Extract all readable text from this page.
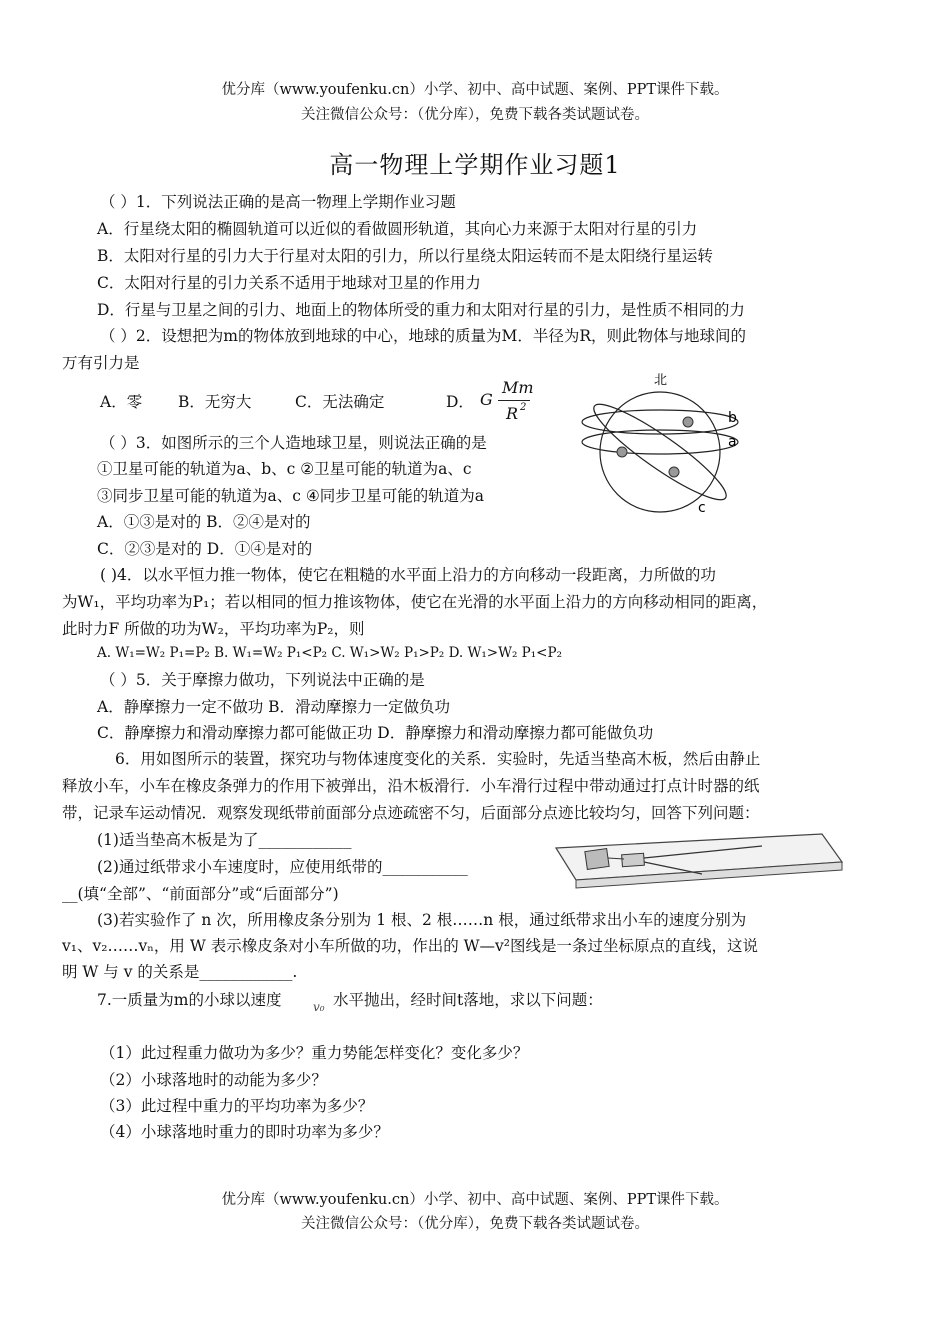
优分库（www.youfenku.cn）小学、初中、高中试题、案例、PPT课件下载。
关注微信公众号：（优分库），免费下载各类试题试卷。
高一物理上学期作业习题1
（ ）1．下列说法正确的是高一物理上学期作业习题
A．行星绕太阳的椭圆轨道可以近似的看做圆形轨道，其向心力来源于太阳对行星的引力
B．太阳对行星的引力大于行星对太阳的引力，所以行星绕太阳运转而不是太阳绕行星运转
C．太阳对行星的引力关系不适用于地球对卫星的作用力
D．行星与卫星之间的引力、地面上的物体所受的重力和太阳对行星的引力，是性质不相同的力
（ ）2．设想把为m的物体放到地球的中心，地球的质量为M．半径为R，则此物体与地球间的
万有引力是
A．零 B．无穷大	C．无法确定	D． G
Mm
R 2
北
b
a
c
（ ）3．如图所示的三个人造地球卫星，则说法正确的是
①卫星可能的轨道为a、b、c ②卫星可能的轨道为a、c
③同步卫星可能的轨道为a、c ④同步卫星可能的轨道为a
A．①③是对的 B．②④是对的
C．②③是对的 D．①④是对的
( )4．以水平恒力推一物体，使它在粗糙的水平面上沿力的方向移动一段距离，力所做的功
为W₁，平均功率为P₁；若以相同的恒力推该物体，使它在光滑的水平面上沿力的方向移动相同的距离，
此时力F 所做的功为W₂，平均功率为P₂，则
A. W₁=W₂ P₁=P₂ B. W₁=W₂ P₁<P₂ C. W₁>W₂ P₁>P₂ D. W₁>W₂ P₁<P₂
（ ）5．关于摩擦力做功，下列说法中正确的是
A．静摩擦力一定不做功 B．滑动摩擦力一定做负功
C．静摩擦力和滑动摩擦力都可能做正功 D．静摩擦力和滑动摩擦力都可能做负功
6．用如图所示的装置，探究功与物体速度变化的关系．实验时，先适当垫高木板，然后由静止
释放小车，小车在橡皮条弹力的作用下被弹出，沿木板滑行．小车滑行过程中带动通过打点计时器的纸
带，记录车运动情况．观察发现纸带前面部分点迹疏密不匀，后面部分点迹比较均匀，回答下列问题：
(1)适当垫高木板是为了____________
(2)通过纸带求小车速度时，应使用纸带的___________
__(填“全部”、“前面部分”或“后面部分”)
(3)若实验作了 n 次，所用橡皮条分别为 1 根、2 根……n 根，通过纸带求出小车的速度分别为
v₁、v₂……vₙ，用 W 表示橡皮条对小车所做的功，作出的 W—v²图线是一条过坐标原点的直线，这说
明 W 与 v 的关系是____________.
7.一质量为m的小球以速度	v₀ 水平抛出，经时间t落地，求以下问题：
（1）此过程重力做功为多少？重力势能怎样变化？变化多少？
（2）小球落地时的动能为多少？
（3）此过程中重力的平均功率为多少？
（4）小球落地时重力的即时功率为多少？
优分库（www.youfenku.cn）小学、初中、高中试题、案例、PPT课件下载。
关注微信公众号：（优分库），免费下载各类试题试卷。
